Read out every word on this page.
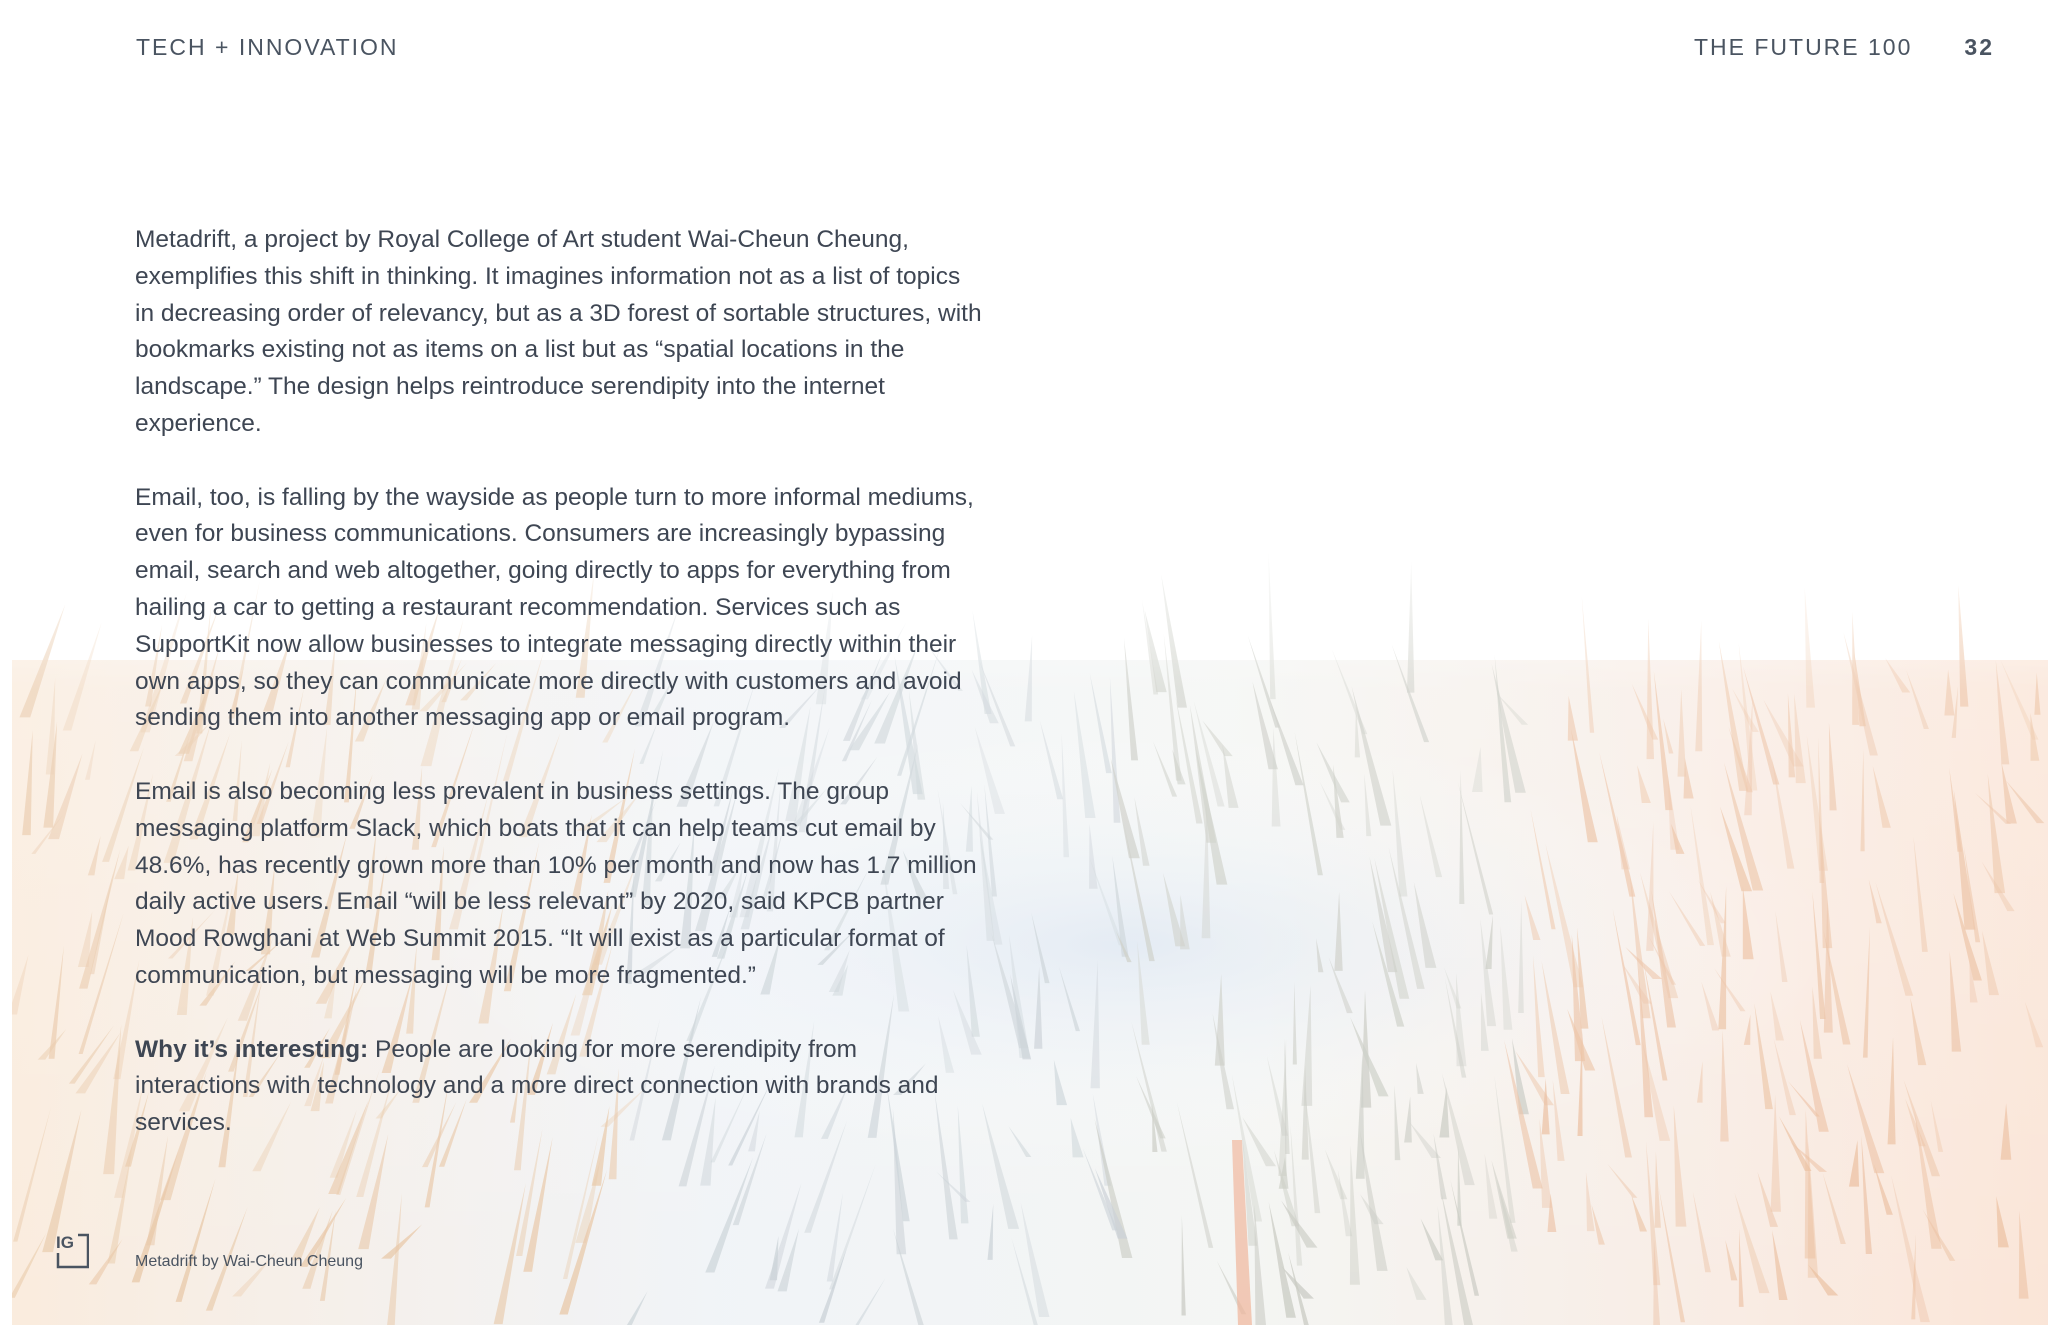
TECH + INNOVATION	THE FUTURE 100 32

Metadrift, a project by Royal College of Art student Wai-Cheun Cheung, exemplifies this shift in thinking. It imagines information not as a list of topics in decreasing order of relevancy, but as a 3D forest of sortable structures, with bookmarks existing not as items on a list but as “spatial locations in the landscape.” The design helps reintroduce serendipity into the internet experience.

Email, too, is falling by the wayside as people turn to more informal mediums, even for business communications. Consumers are increasingly bypassing email, search and web altogether, going directly to apps for everything from hailing a car to getting a restaurant recommendation. Services such as SupportKit now allow businesses to integrate messaging directly within their own apps, so they can communicate more directly with customers and avoid sending them into another messaging app or email program.

Email is also becoming less prevalent in business settings. The group messaging platform Slack, which boats that it can help teams cut email by 48.6%, has recently grown more than 10% per month and now has 1.7 million daily active users. Email “will be less relevant” by 2020, said KPCB partner Mood Rowghani at Web Summit 2015. “It will exist as a particular format of communication, but messaging will be more fragmented.”

Why it’s interesting: People are looking for more serendipity from interactions with technology and a more direct connection with brands and services.

IG
Metadrift by Wai-Cheun Cheung
